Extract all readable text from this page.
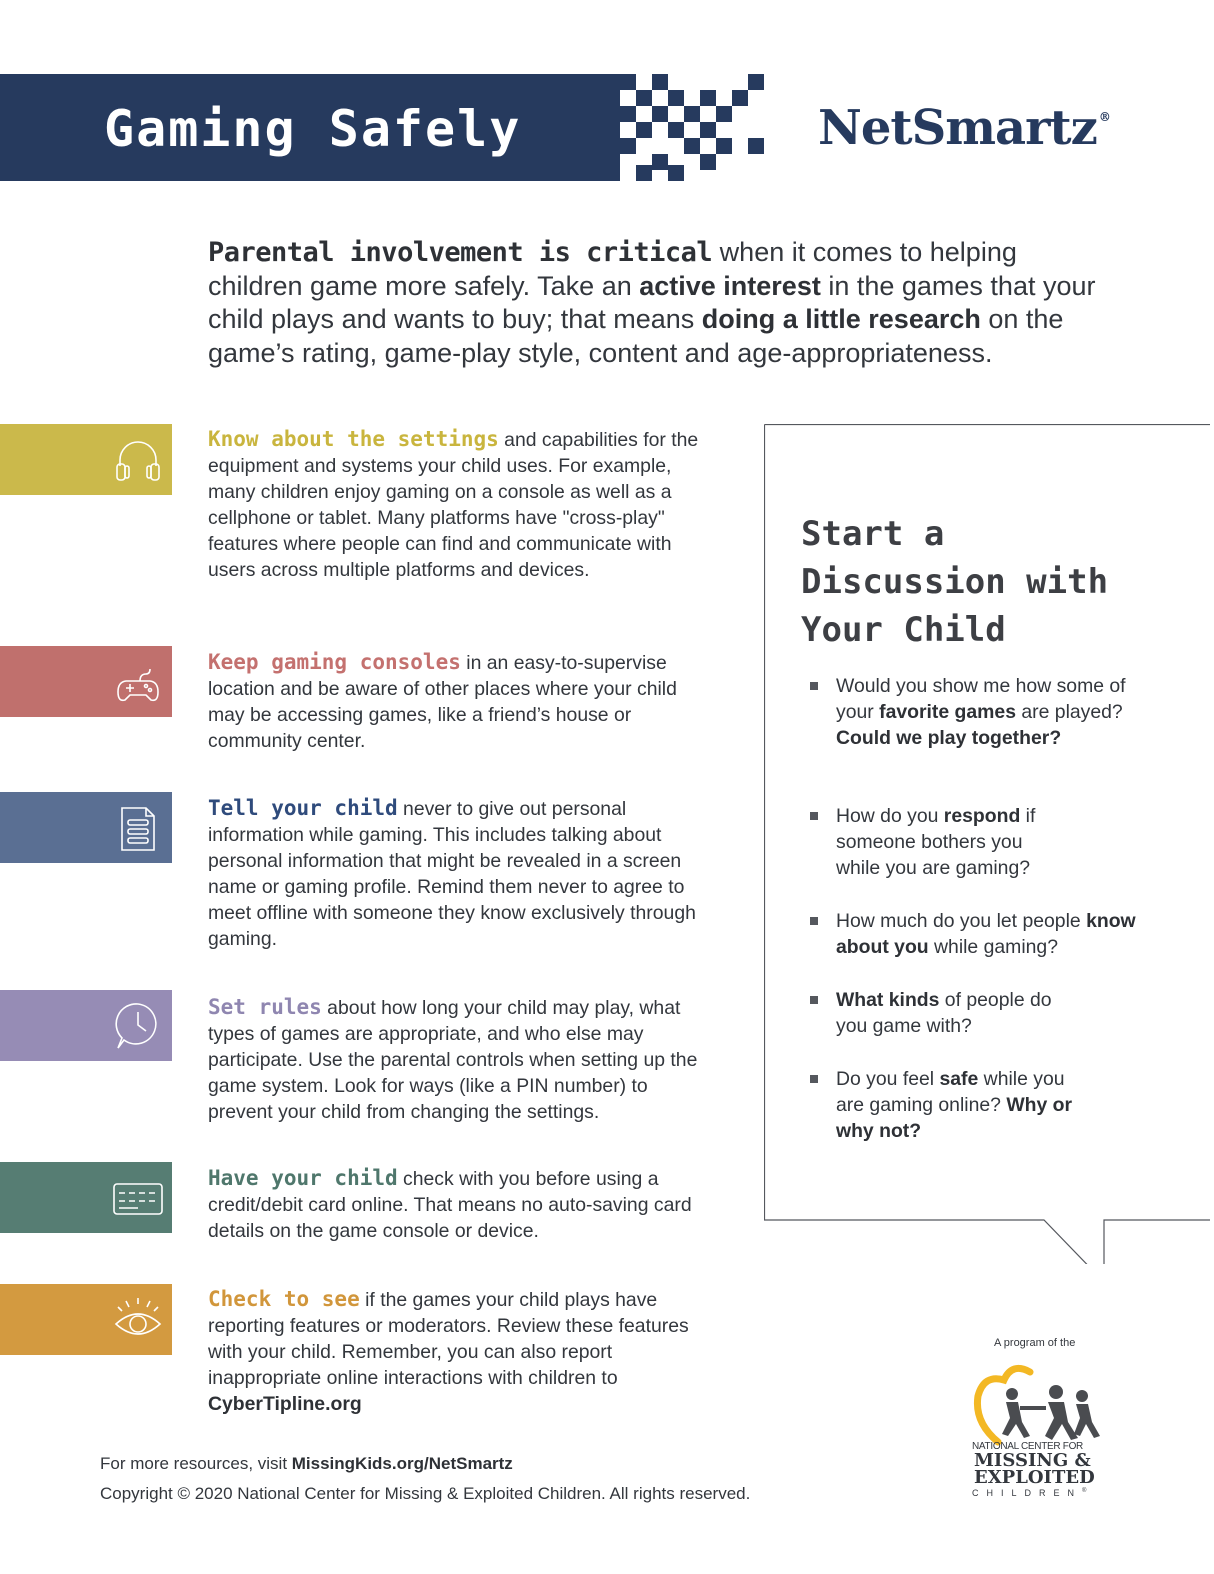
Gaming Safely	NetSmartz ®
Parental involvement is critical when it comes to helping children game more safely. Take an active interest in the games that your child plays and wants to buy; that means doing a little research on the game’s rating, game-play style, content and age-appropriateness.
Know about the settings and capabilities for the equipment and systems your child uses. For example, many children enjoy gaming on a console as well as a cellphone or tablet. Many platforms have "cross-play" features where people can find and communicate with users across multiple platforms and devices.
Keep gaming consoles in an easy-to-supervise location and be aware of other places where your child may be accessing games, like a friend’s house or community center.
Tell your child never to give out personal information while gaming. This includes talking about personal information that might be revealed in a screen name or gaming profile. Remind them never to agree to meet offline with someone they know exclusively through gaming.
Set rules about how long your child may play, what types of games are appropriate, and who else may participate. Use the parental controls when setting up the game system. Look for ways (like a PIN number) to prevent your child from changing the settings.
Have your child check with you before using a credit/debit card online. That means no auto-saving card details on the game console or device.
Check to see if the games your child plays have reporting features or moderators. Review these features with your child. Remember, you can also report inappropriate online interactions with children to CyberTipline.org
Start a
Discussion with
Your Child
Would you show me how some of your favorite games are played? Could we play together?
How do you respond if someone bothers you while you are gaming?
How much do you let people know about you while gaming?
What kinds of people do you game with?
Do you feel safe while you are gaming online? Why or why not?
For more resources, visit MissingKids.org/NetSmartz
Copyright © 2020 National Center for Missing & Exploited Children. All rights reserved.
A program of the
NATIONAL CENTER FOR
MISSING &
EXPLOITED
CHILDREN®
